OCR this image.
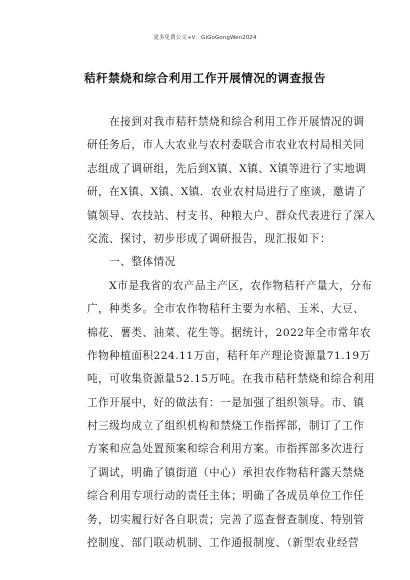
更多免费公文+V：GiGoGongWen2024
秸秆禁烧和综合利用工作开展情况的调查报告
　　在接到对我市秸秆禁烧和综合利用工作开展情况的调
研任务后，市人大农业与农村委联合市农业农村局相关同
志组成了调研组，先后到X镇、X镇、X镇等进行了实地调
研，在X镇、X镇、X镇．农业农村局进行了座谈，邀请了
镇领导、农技站、村支书、种粮大户、群众代表进行了深入
交流、探讨，初步形成了调研报告，现汇报如下：
　　一、整体情况
　　X市是我省的农产品主产区，农作物秸秆产量大，分布
广，种类多。全市农作物秸秆主要为水稻、玉米、大豆、
棉花、薯类、油菜、花生等。据统计，2022年全市常年农
作物种植面积224.11万亩，秸秆年产理论资源量71.19万
吨，可收集资源量52.15万吨。在我市秸秆禁烧和综合利用
工作开展中，好的做法有：一是加强了组织领导。市、镇
村三级均成立了组织机构和禁烧工作指挥部，制订了工作
方案和应急处置预案和综合利用方案。市指挥部多次进行
了调试，明确了镇街道（中心）承担农作物秸秆露天禁烧
综合利用专项行动的责任主体；明确了各成员单位工作任
务，切实履行好各自职责；完善了巡查督查制度、特别管
控制度、部门联动机制、工作通报制度、（新型农业经营
